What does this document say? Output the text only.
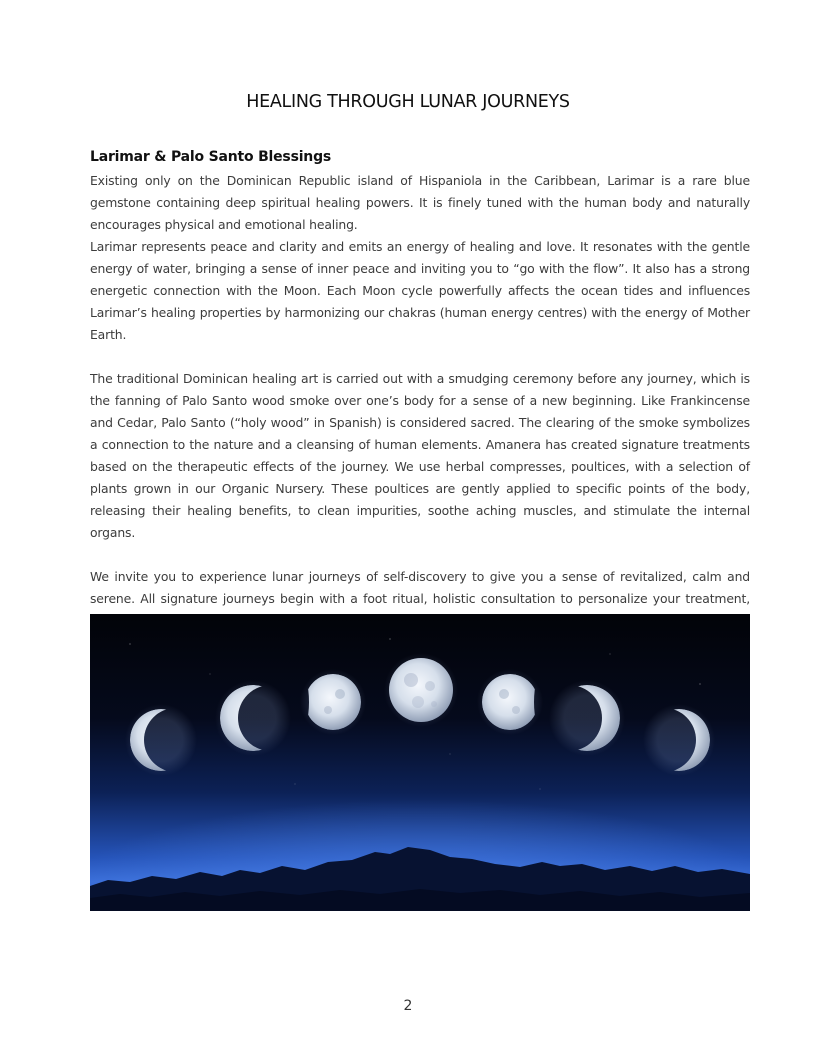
HEALING THROUGH LUNAR JOURNEYS
Larimar & Palo Santo Blessings

Existing only on the Dominican Republic island of Hispaniola in the Caribbean, Larimar is a rare blue gemstone containing deep spiritual healing powers. It is finely tuned with the human body and naturally encourages physical and emotional healing.

Larimar represents peace and clarity and emits an energy of healing and love. It resonates with the gentle energy of water, bringing a sense of inner peace and inviting you to “go with the flow”. It also has a strong energetic connection with the Moon. Each Moon cycle powerfully affects the ocean tides and influences Larimar’s healing properties by harmonizing our chakras (human energy centres) with the energy of Mother Earth.

The traditional Dominican healing art is carried out with a smudging ceremony before any journey, which is the fanning of Palo Santo wood smoke over one’s body for a sense of a new beginning. Like Frankincense and Cedar, Palo Santo (“holy wood” in Spanish) is considered sacred. The clearing of the smoke symbolizes a connection to the nature and a cleansing of human elements. Amanera has created signature treatments based on the therapeutic effects of the journey. We use herbal compresses, poultices, with a selection of plants grown in our Organic Nursery. These poultices are gently applied to specific points of the body, releasing their healing benefits, to clean impurities, soothe aching muscles, and stimulate the internal organs.

We invite you to experience lunar journeys of self-discovery to give you a sense of revitalized, calm and serene. All signature journeys begin with a foot ritual, holistic consultation to personalize your treatment,

2
